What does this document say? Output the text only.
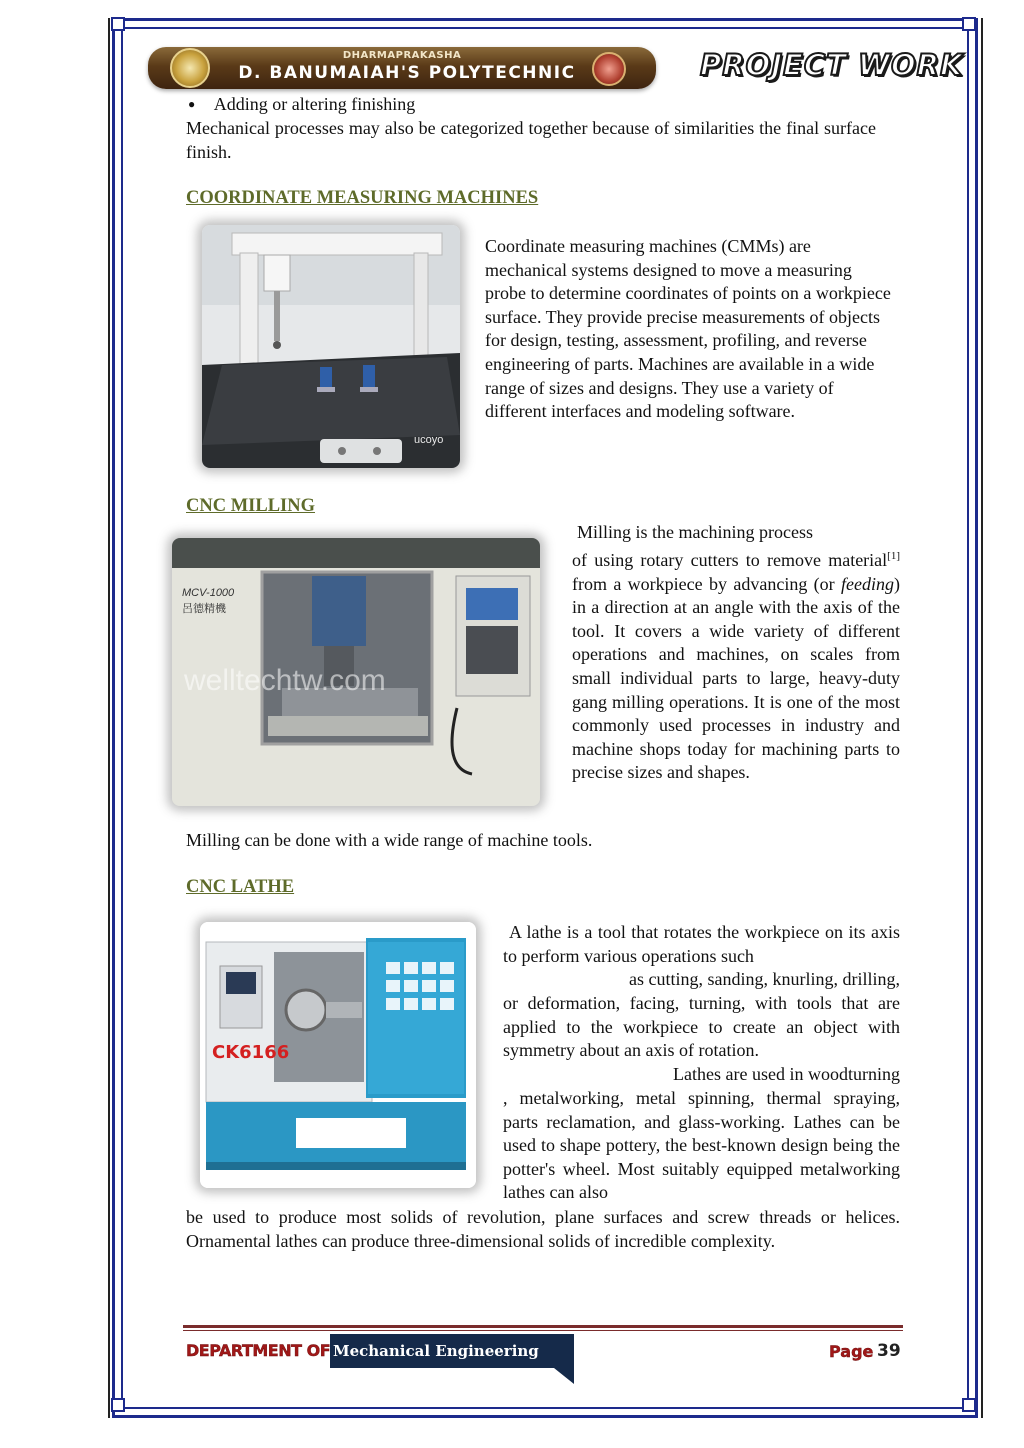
DHARMAPRAKASHA
D. BANUMAIAH'S POLYTECHNIC	PROJECT WORK
● Adding or altering finishing
Mechanical processes may also be categorized together because of similarities the final surface finish.
COORDINATE MEASURING MACHINES
ucoyo
Coordinate measuring machines (CMMs) are mechanical systems designed to move a measuring probe to determine coordinates of points on a workpiece surface. They provide precise measurements of objects for design, testing, assessment, profiling, and reverse engineering of parts. Machines are available in a wide range of sizes and designs. They use a variety of different interfaces and modeling software.
CNC MILLING
MCV-1000
呂德精機
welltechtw.com
Milling is the machining process
of using rotary cutters to remove material[1] from a workpiece by advancing (or feeding) in a direction at an angle with the axis of the tool. It covers a wide variety of different operations and machines, on scales from small individual parts to large, heavy-duty gang milling operations. It is one of the most commonly used processes in industry and machine shops today for machining parts to precise sizes and shapes.
Milling can be done with a wide range of machine tools.
CNC LATHE
CK6166
A lathe is a tool that rotates the workpiece on its axis to perform various operations such
as cutting, sanding, knurling, drilling,
or deformation, facing, turning, with tools that are applied to the workpiece to create an object with symmetry about an axis of rotation.
Lathes are used in woodturning
, metalworking, metal spinning, thermal spraying, parts reclamation, and glass-working. Lathes can be used to shape pottery, the best-known design being the potter's wheel. Most suitably equipped metalworking lathes can also
be used to produce most solids of revolution, plane surfaces and screw threads or helices. Ornamental lathes can produce three-dimensional solids of incredible complexity.
DEPARTMENT OF Mechanical Engineering	Page 39
